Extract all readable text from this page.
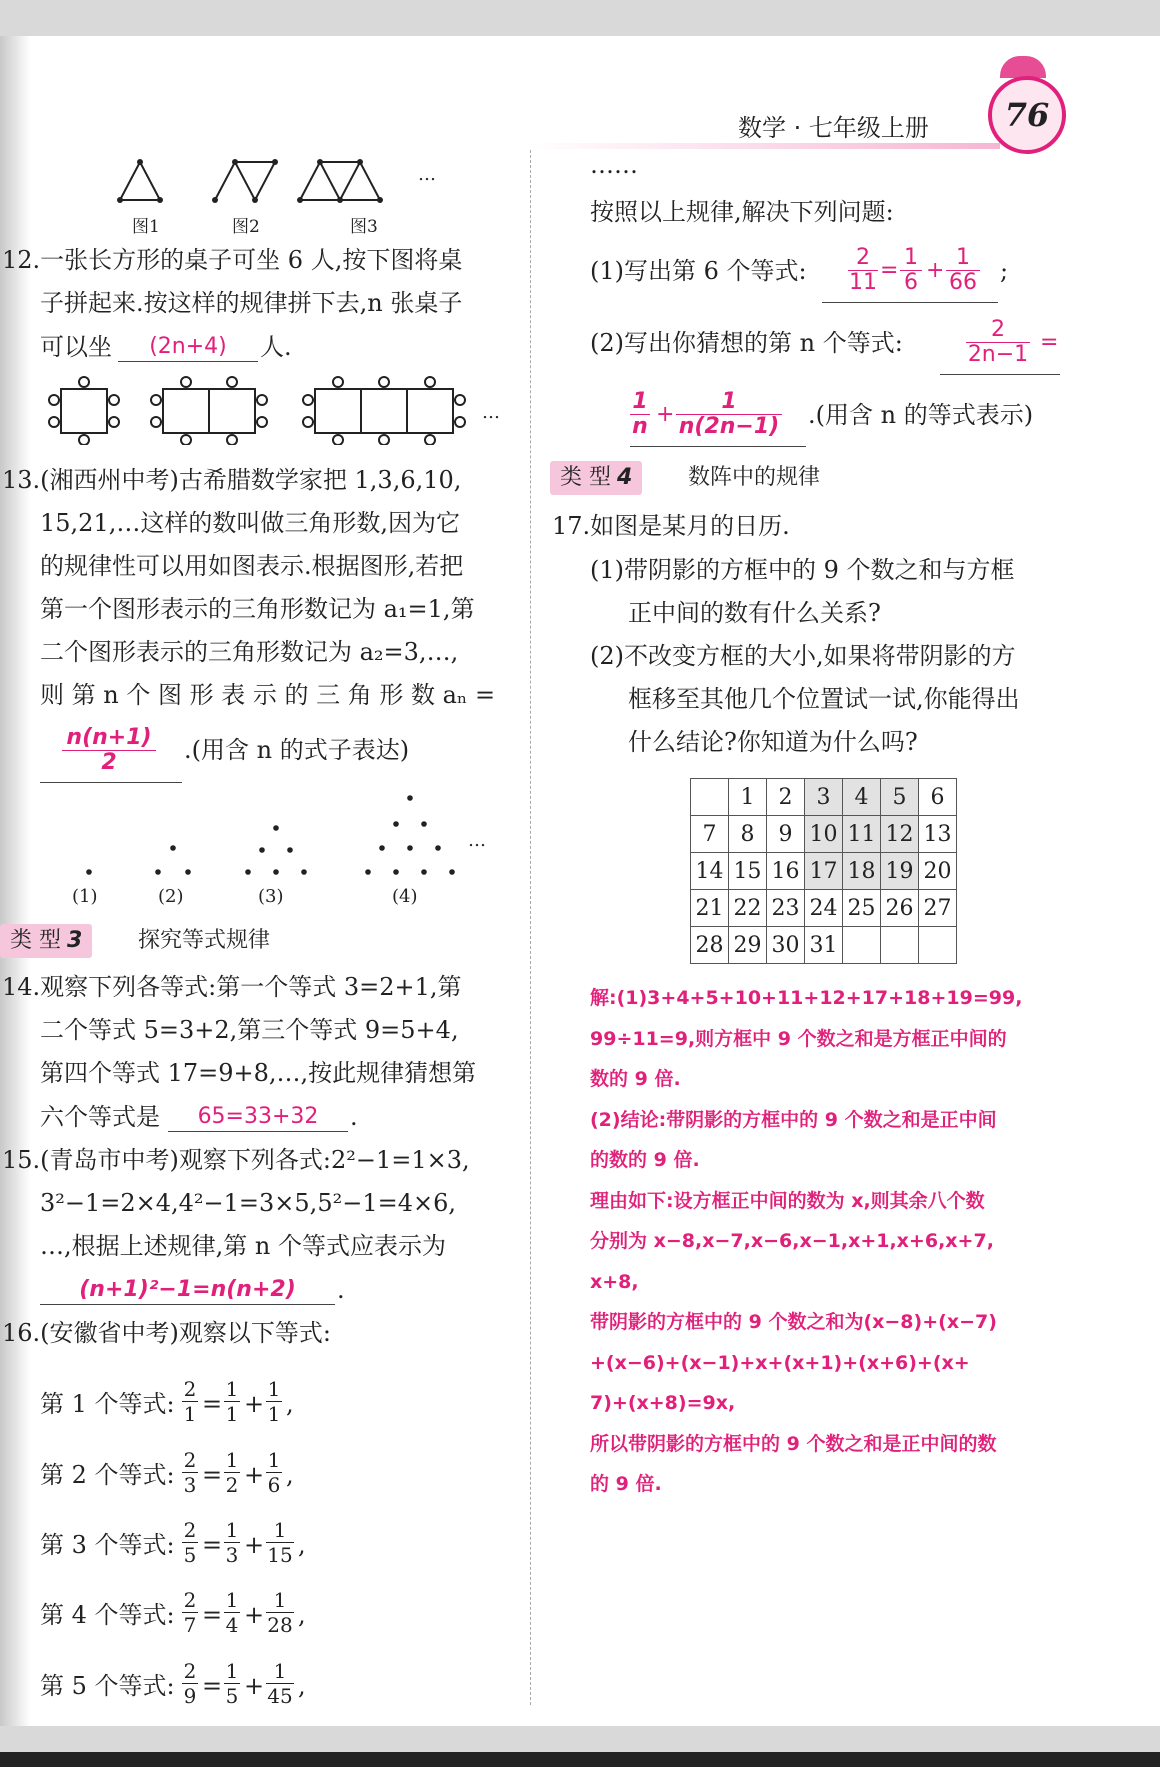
数学 · 七年级上册	76
图1	图2	图3
…
12.一张长方形的桌子可坐 6 人,按下图将桌
子拼起来.按这样的规律拼下去,n 张桌子
可以坐	(2n+4)	人.
…
13.(湘西州中考)古希腊数学家把 1,3,6,10,
15,21,…这样的数叫做三角形数,因为它
的规律性可以用如图表示.根据图形,若把
第一个图形表示的三角形数记为 a₁=1,第
二个图形表示的三角形数记为 a₂=3,…,
则 第 n 个 图 形 表 示 的 三 角 形 数 aₙ =
$\frac{n(n+1)}{2}$ .(用含 n 的式子表达)
…
(1)	(2)	(3)	(4)
类 型 3	探究等式规律
14.观察下列各等式:第一个等式 3=2+1,第
二个等式 5=3+2,第三个等式 9=5+4,
第四个等式 17=9+8,…,按此规律猜想第
六个等式是	65=33+32	.
15.(青岛市中考)观察下列各式:2²−1=1×3,
3²−1=2×4,4²−1=3×5,5²−1=4×6,
…,根据上述规律,第 n 个等式应表示为
(n+1)²−1=n(n+2)	.
16.(安徽省中考)观察以下等式:
第 1 个等式: $\frac{2}{1} = \frac{1}{1} + \frac{1}{1}$ ,
第 2 个等式: $\frac{2}{3} = \frac{1}{2} + \frac{1}{6}$ ,
第 3 个等式: $\frac{2}{5} = \frac{1}{3} + \frac{1}{15}$ ,
第 4 个等式: $\frac{2}{7} = \frac{1}{4} + \frac{1}{28}$ ,
第 5 个等式: $\frac{2}{9} = \frac{1}{5} + \frac{1}{45}$ ,
……
按照以上规律,解决下列问题:
(1)写出第 6 个等式: $\frac{2}{11} = \frac{1}{6} + \frac{1}{66}$ ;
(2)写出你猜想的第 n 个等式:	$\frac{2}{2n-1}$ =
$\frac{1}{n} + \frac{1}{n(2n-1)}$ .(用含 n 的等式表示)
类 型 4	数阵中的规律
17.如图是某月的日历.
(1)带阴影的方框中的 9 个数之和与方框
正中间的数有什么关系?
(2)不改变方框的大小,如果将带阴影的方
框移至其他几个位置试一试,你能得出
什么结论?你知道为什么吗?
	1	2	3	4	5	6
7	8	9	10	11	12	13
14	15	16	17	18	19	20
21	22	23	24	25	26	27
28	29	30	31			
解:(1)3+4+5+10+11+12+17+18+19=99,
99÷11=9,则方框中 9 个数之和是方框正中间的
数的 9 倍.
(2)结论:带阴影的方框中的 9 个数之和是正中间
的数的 9 倍.
理由如下:设方框正中间的数为 x,则其余八个数
分别为 x−8,x−7,x−6,x−1,x+1,x+6,x+7,
x+8,
带阴影的方框中的 9 个数之和为(x−8)+(x−7)
+(x−6)+(x−1)+x+(x+1)+(x+6)+(x+
7)+(x+8)=9x,
所以带阴影的方框中的 9 个数之和是正中间的数
的 9 倍.
